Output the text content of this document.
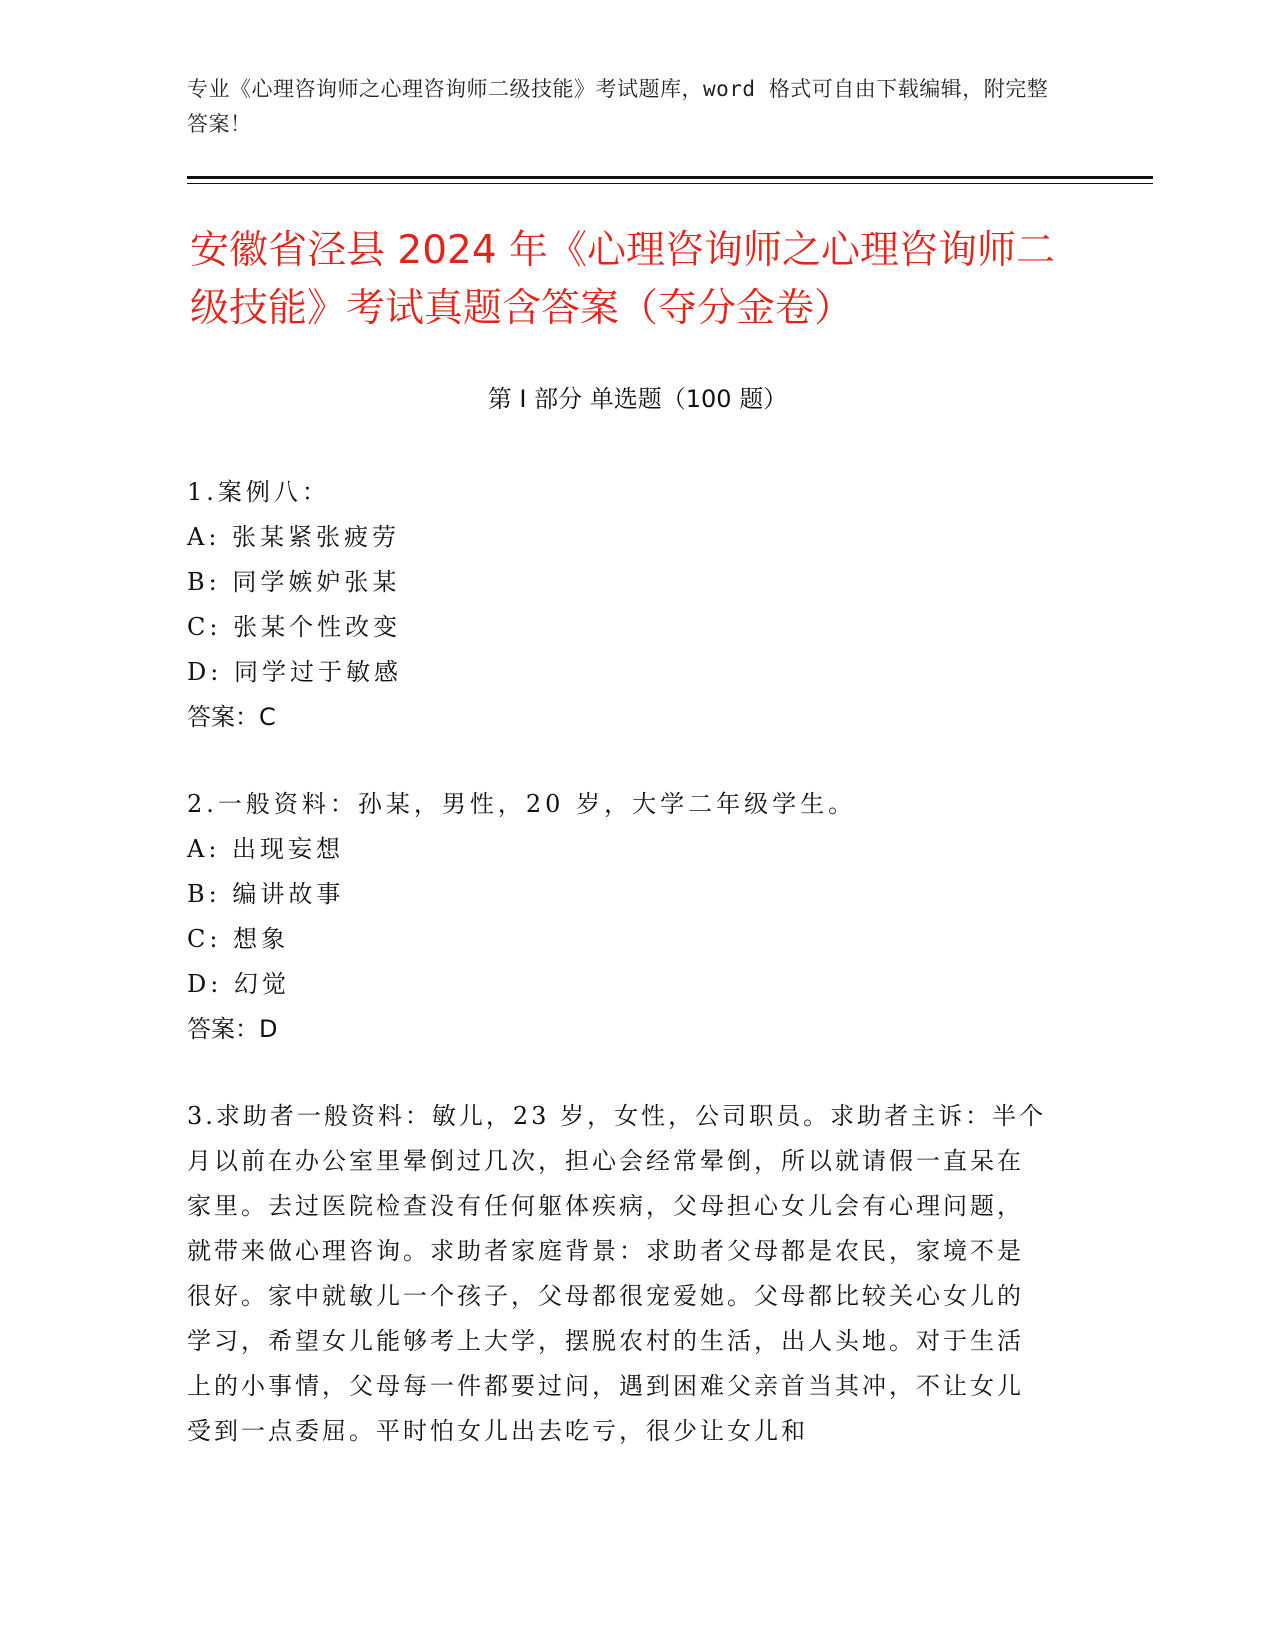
专业《心理咨询师之心理咨询师二级技能》考试题库，word 格式可自由下载编辑，附完整答案！
安徽省泾县 2024 年《心理咨询师之心理咨询师二级技能》考试真题含答案（夺分金卷）
第 I 部分 单选题（100 题）
1.案例八：
A: 张某紧张疲劳
B: 同学嫉妒张某
C: 张某个性改变
D: 同学过于敏感
答案：C
2.一般资料：孙某，男性，20 岁，大学二年级学生。
A: 出现妄想
B: 编讲故事
C: 想象
D: 幻觉
答案：D
3.求助者一般资料：敏儿，23 岁，女性，公司职员。求助者主诉：半个月以前在办公室里晕倒过几次，担心会经常晕倒，所以就请假一直呆在家里。去过医院检查没有任何躯体疾病，父母担心女儿会有心理问题，就带来做心理咨询。求助者家庭背景：求助者父母都是农民，家境不是很好。家中就敏儿一个孩子，父母都很宠爱她。父母都比较关心女儿的学习，希望女儿能够考上大学，摆脱农村的生活，出人头地。对于生活上的小事情，父母每一件都要过问，遇到困难父亲首当其冲，不让女儿受到一点委屈。平时怕女儿出去吃亏，很少让女儿和
